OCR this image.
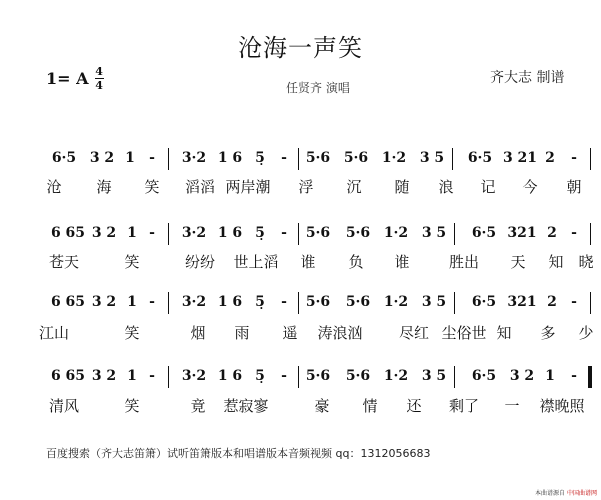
沧海一声笑
1= A 4
4	任贤齐 演唱
齐大志 制谱
6·5 3 2 1 - 3·2 1 6 5̣ - 5·6 5·6 1·2 3 5 6·5 3 21 2 -
沧 海 笑 滔滔 两岸潮 浮 沉 随 浪 记 今 朝
6 65 3 2 1 - 3·2 1 6 5̣ - 5·6 5·6 1·2 3 5 6·5 321 2 -
苍天	笑	纷纷 世上滔 谁 负 谁	胜出 天 知 晓
6 65 3 2 1 - 3·2 1 6 5̣ - 5·6 5·6 1·2 3 5 6·5 321 2 -
江山	笑	烟 雨 遥 涛浪汹 尽红 尘俗世 知 多 少
6 65 3 2 1 - 3·2 1 6 5̣ - 5·6 5·6 1·2 3 5 6·5 3 2 1 -
清风	笑	竟 惹寂寥	豪 情 还 剩了 一 襟晚照
百度搜索（齐大志笛箫）试听笛箫版本和唱谱版本音频视频 qq：1312056683
本曲谱源自 中国曲谱网
